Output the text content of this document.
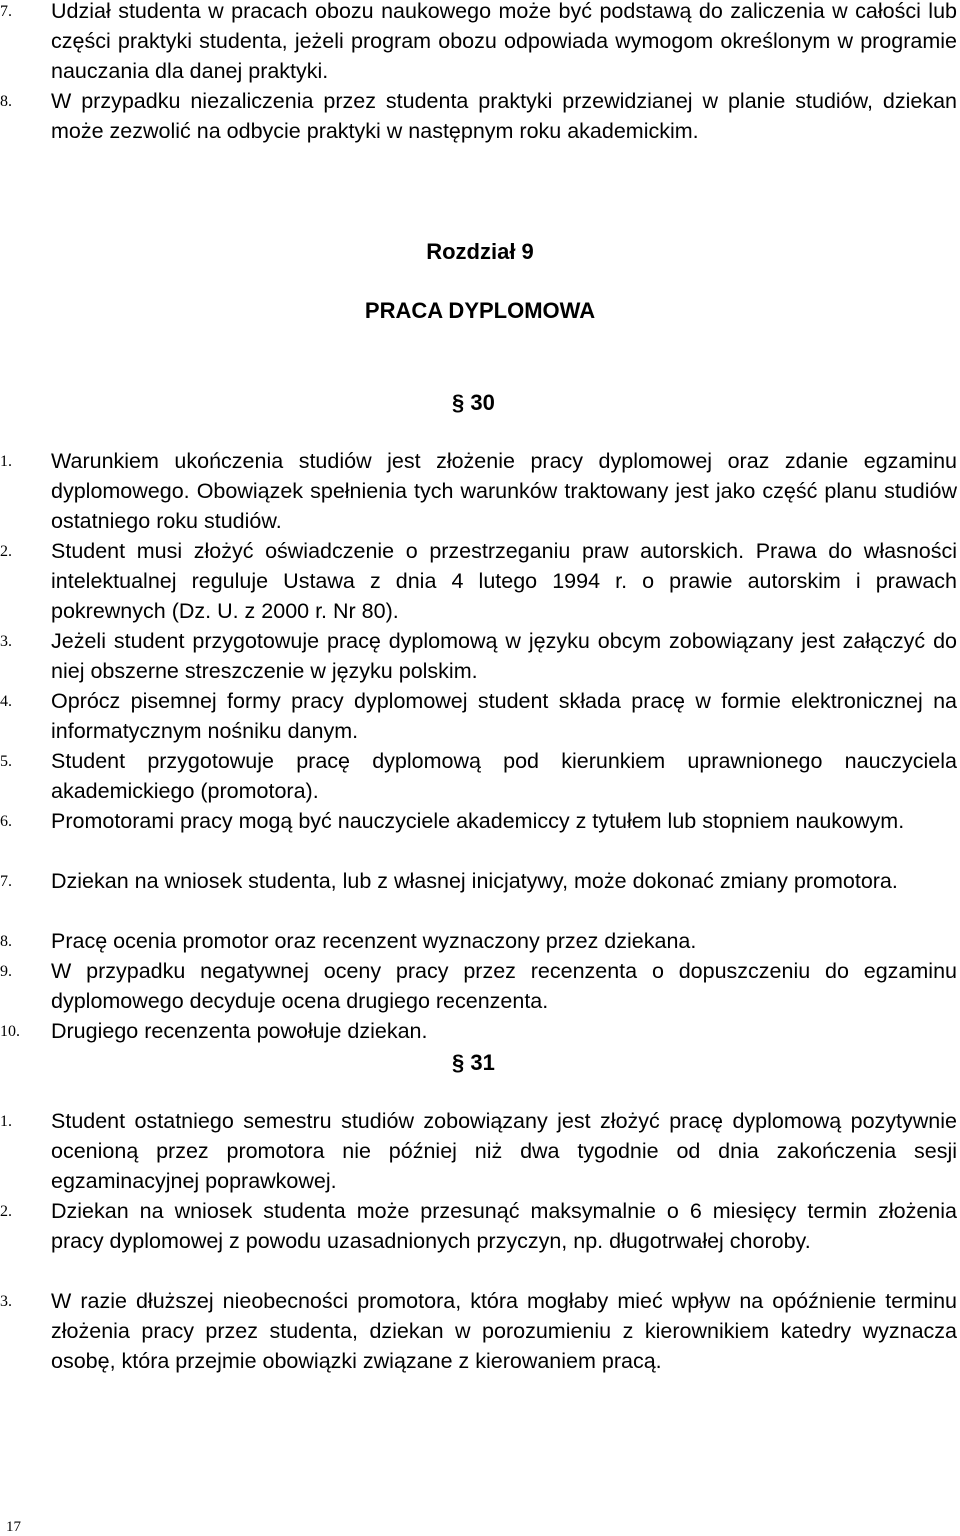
7. Udział studenta w pracach obozu naukowego może być podstawą do zaliczenia w całości lub części praktyki studenta, jeżeli program obozu odpowiada wymogom określonym w programie nauczania dla danej praktyki.
8. W przypadku niezaliczenia przez studenta praktyki przewidzianej w planie studiów, dziekan może zezwolić na odbycie praktyki w następnym roku akademickim.
Rozdział 9
PRACA DYPLOMOWA
§ 30
1. Warunkiem ukończenia studiów jest złożenie pracy dyplomowej oraz zdanie egzaminu dyplomowego. Obowiązek spełnienia tych warunków traktowany jest jako część planu studiów ostatniego roku studiów.
2. Student musi złożyć oświadczenie o przestrzeganiu praw autorskich. Prawa do własności intelektualnej reguluje Ustawa z dnia 4 lutego 1994 r. o prawie autorskim i prawach pokrewnych (Dz. U. z 2000 r. Nr 80).
3. Jeżeli student przygotowuje pracę dyplomową w języku obcym zobowiązany jest załączyć do niej obszerne streszczenie w języku polskim.
4. Oprócz pisemnej formy pracy dyplomowej student składa pracę w formie elektronicznej na informatycznym nośniku danym.
5. Student przygotowuje pracę dyplomową pod kierunkiem uprawnionego nauczyciela akademickiego (promotora).
6. Promotorami pracy mogą być nauczyciele akademiccy z tytułem lub stopniem naukowym.
7. Dziekan na wniosek studenta, lub z własnej inicjatywy, może dokonać zmiany promotora.
8. Pracę ocenia promotor oraz recenzent wyznaczony przez dziekana.
9. W przypadku negatywnej oceny pracy przez recenzenta o dopuszczeniu do egzaminu dyplomowego decyduje ocena drugiego recenzenta.
10. Drugiego recenzenta powołuje dziekan.
§ 31
1. Student ostatniego semestru studiów zobowiązany jest złożyć pracę dyplomową pozytywnie ocenioną przez promotora nie później niż dwa tygodnie od dnia zakończenia sesji egzaminacyjnej poprawkowej.
2. Dziekan na wniosek studenta może przesunąć maksymalnie o 6 miesięcy termin złożenia pracy dyplomowej z powodu uzasadnionych przyczyn, np. długotrwałej choroby.
3. W razie dłuższej nieobecności promotora, która mogłaby mieć wpływ na opóźnienie terminu złożenia pracy przez studenta, dziekan w porozumieniu z kierownikiem katedry wyznacza osobę, która przejmie obowiązki związane z kierowaniem pracą.
17
